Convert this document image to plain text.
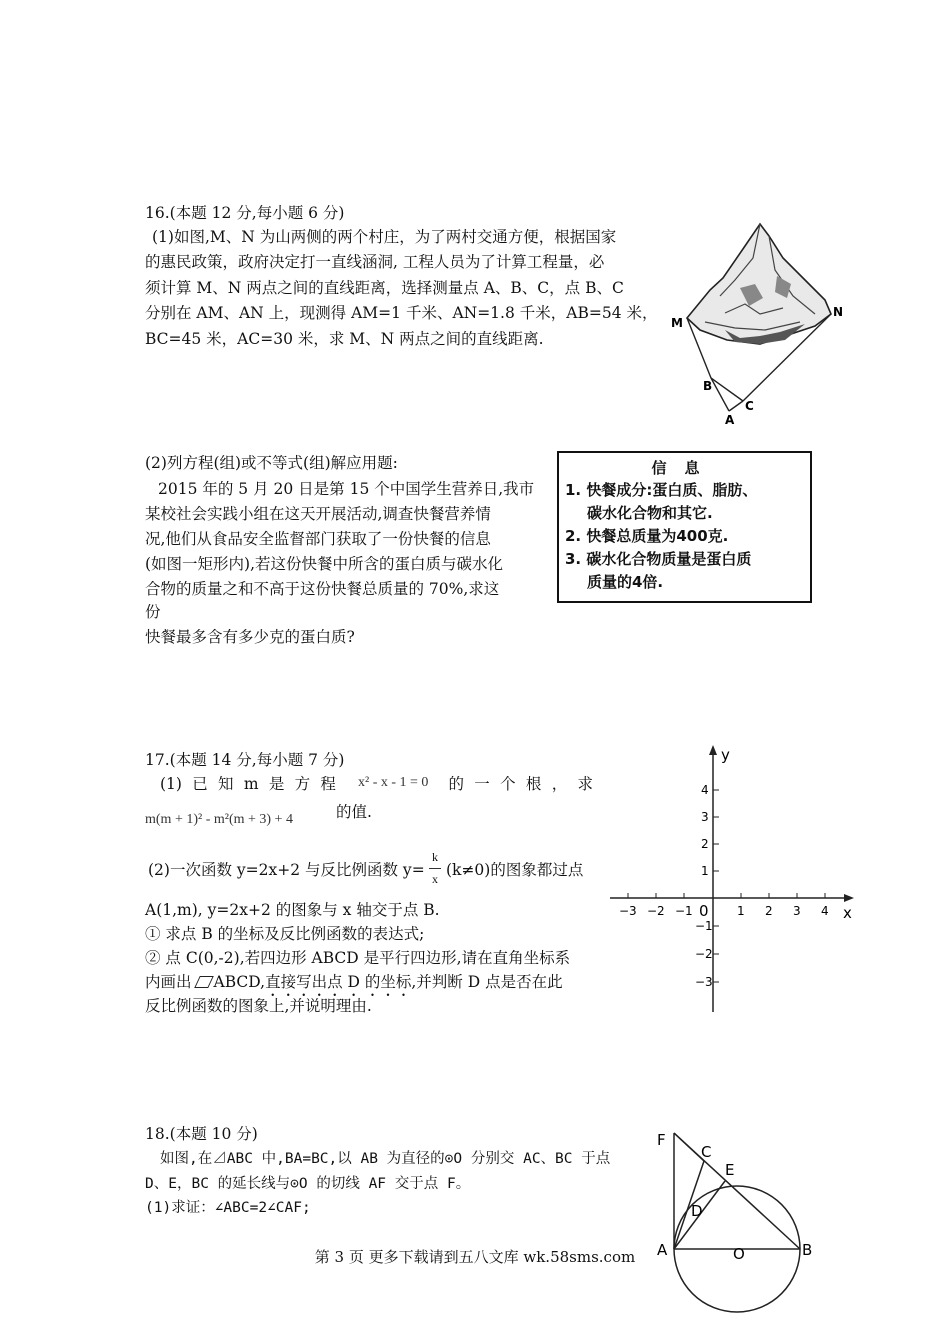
16.(本题 12 分,每小题 6 分)
(1)如图,M、N 为山两侧的两个村庄，为了两村交通方便，根据国家
的惠民政策，政府决定打一直线涵洞, 工程人员为了计算工程量，必
须计算 M、N 两点之间的直线距离，选择测量点 A、B、C，点 B、C
分别在 AM、AN 上，现测得 AM=1 千米、AN=1.8 千米，AB=54 米，
BC=45 米，AC=30 米，求 M、N 两点之间的直线距离.
M
N
B
C
A
(2)列方程(组)或不等式(组)解应用题:
2015 年的 5 月 20 日是第 15 个中国学生营养日,我市
某校社会实践小组在这天开展活动,调查快餐营养情
况,他们从食品安全监督部门获取了一份快餐的信息
(如图一矩形内),若这份快餐中所含的蛋白质与碳水化
合物的质量之和不高于这份快餐总质量的 70%,求这
份
快餐最多含有多少克的蛋白质?
信息
1. 快餐成分:蛋白质、脂肪、
碳水化合物和其它.
2. 快餐总质量为400克.
3. 碳水化合物质量是蛋白质
质量的4倍.
17.(本题 14 分,每小题 7 分)
(1) 已 知 m 是 方 程	的 一 个 根 ， 求
x² - x - 1 = 0
m(m + 1)² - m²(m + 3) + 4	的值.
(2)一次函数 y=2x+2 与反比例函数 y=
k
x (k≠0)的图象都过点
A(1,m), y=2x+2 的图象与 x 轴交于点 B.
① 求点 B 的坐标及反比例函数的表达式;
② 点 C(0,-2),若四边形 ABCD 是平行四边形,请在直角坐标系
内画出 ABCD,直接写出点 D 的坐标,并判断 D 点是否在此
反比例函数的图象上,并说明理由.
x
y
0
−3 −2 −1	1 2 3 4
4
3
2
1
−1
−2
−3
18.(本题 10 分)
如图,在⊿ABC 中,BA=BC,以 AB 为直径的⊙O 分别交 AC、BC 于点
D、E，BC 的延长线与⊙O 的切线 AF 交于点 F。
(1)求证：∠ABC=2∠CAF;
F
C
E
D
A	O	B
第 3 页 更多下载请到五八文库 wk.58sms.com
